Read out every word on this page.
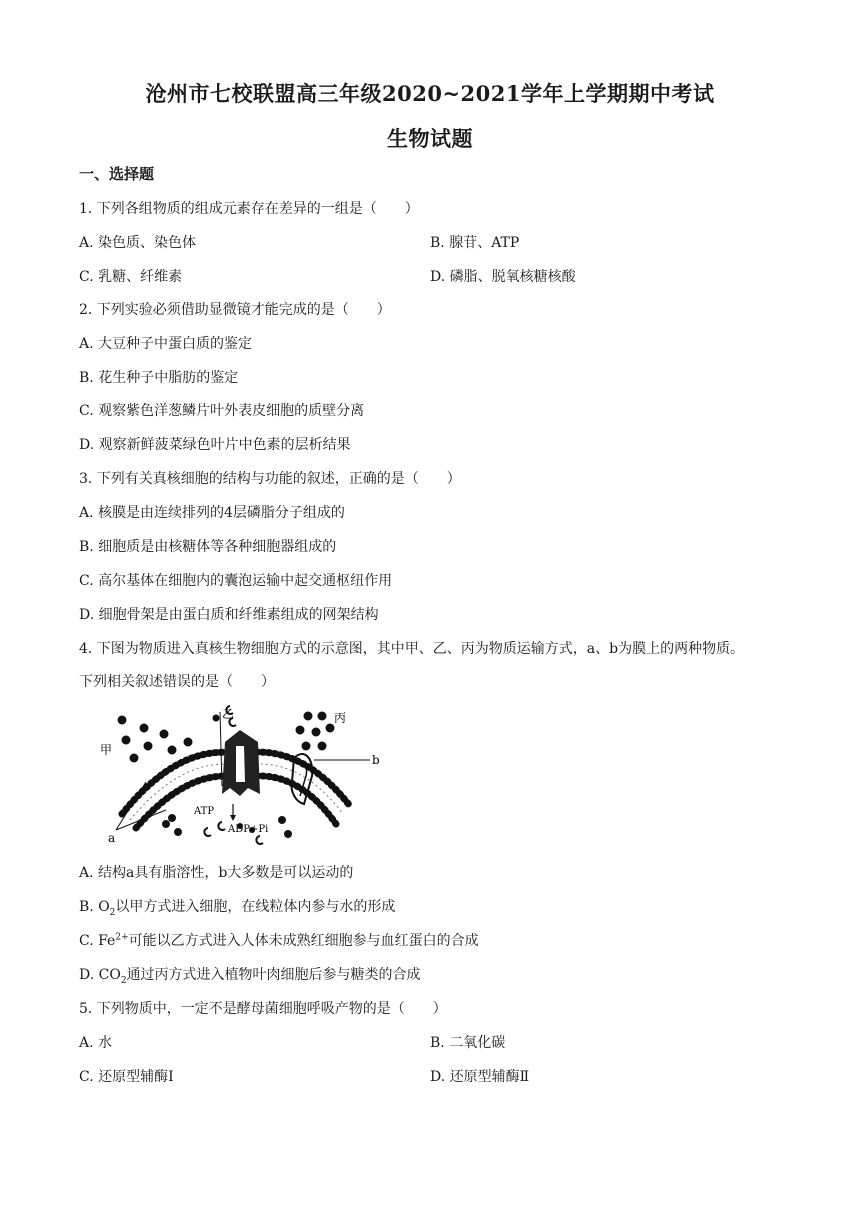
沧州市七校联盟高三年级2020~2021学年上学期期中考试
生物试题
一、选择题
1. 下列各组物质的组成元素存在差异的一组是（　　）
A. 染色质、染色体	B. 腺苷、ATP
C. 乳糖、纤维素	D. 磷脂、脱氧核糖核酸
2. 下列实验必须借助显微镜才能完成的是（　　）
A. 大豆种子中蛋白质的鉴定
B. 花生种子中脂肪的鉴定
C. 观察紫色洋葱鳞片叶外表皮细胞的质壁分离
D. 观察新鲜菠菜绿色叶片中色素的层析结果
3. 下列有关真核细胞的结构与功能的叙述，正确的是（　　）
A. 核膜是由连续排列的4层磷脂分子组成的
B. 细胞质是由核糖体等各种细胞器组成的
C. 高尔基体在细胞内的囊泡运输中起交通枢纽作用
D. 细胞骨架是由蛋白质和纤维素组成的网架结构
4. 下图为物质进入真核生物细胞方式的示意图，其中甲、乙、丙为物质运输方式，a、b为膜上的两种物质。
下列相关叙述错误的是（　　）
甲
乙	丙
a
b
ATP
ADP+Pi
A. 结构a具有脂溶性，b大多数是可以运动的
B. $O_2$以甲方式进入细胞，在线粒体内参与水的形成
C. $Fe^{2+}$可能以乙方式进入人体未成熟红细胞参与血红蛋白的合成
D. $CO_2$通过丙方式进入植物叶肉细胞后参与糖类的合成
5. 下列物质中，一定不是酵母菌细胞呼吸产物的是（　　）
A. 水	B. 二氧化碳
C. 还原型辅酶Ⅰ	D. 还原型辅酶Ⅱ
